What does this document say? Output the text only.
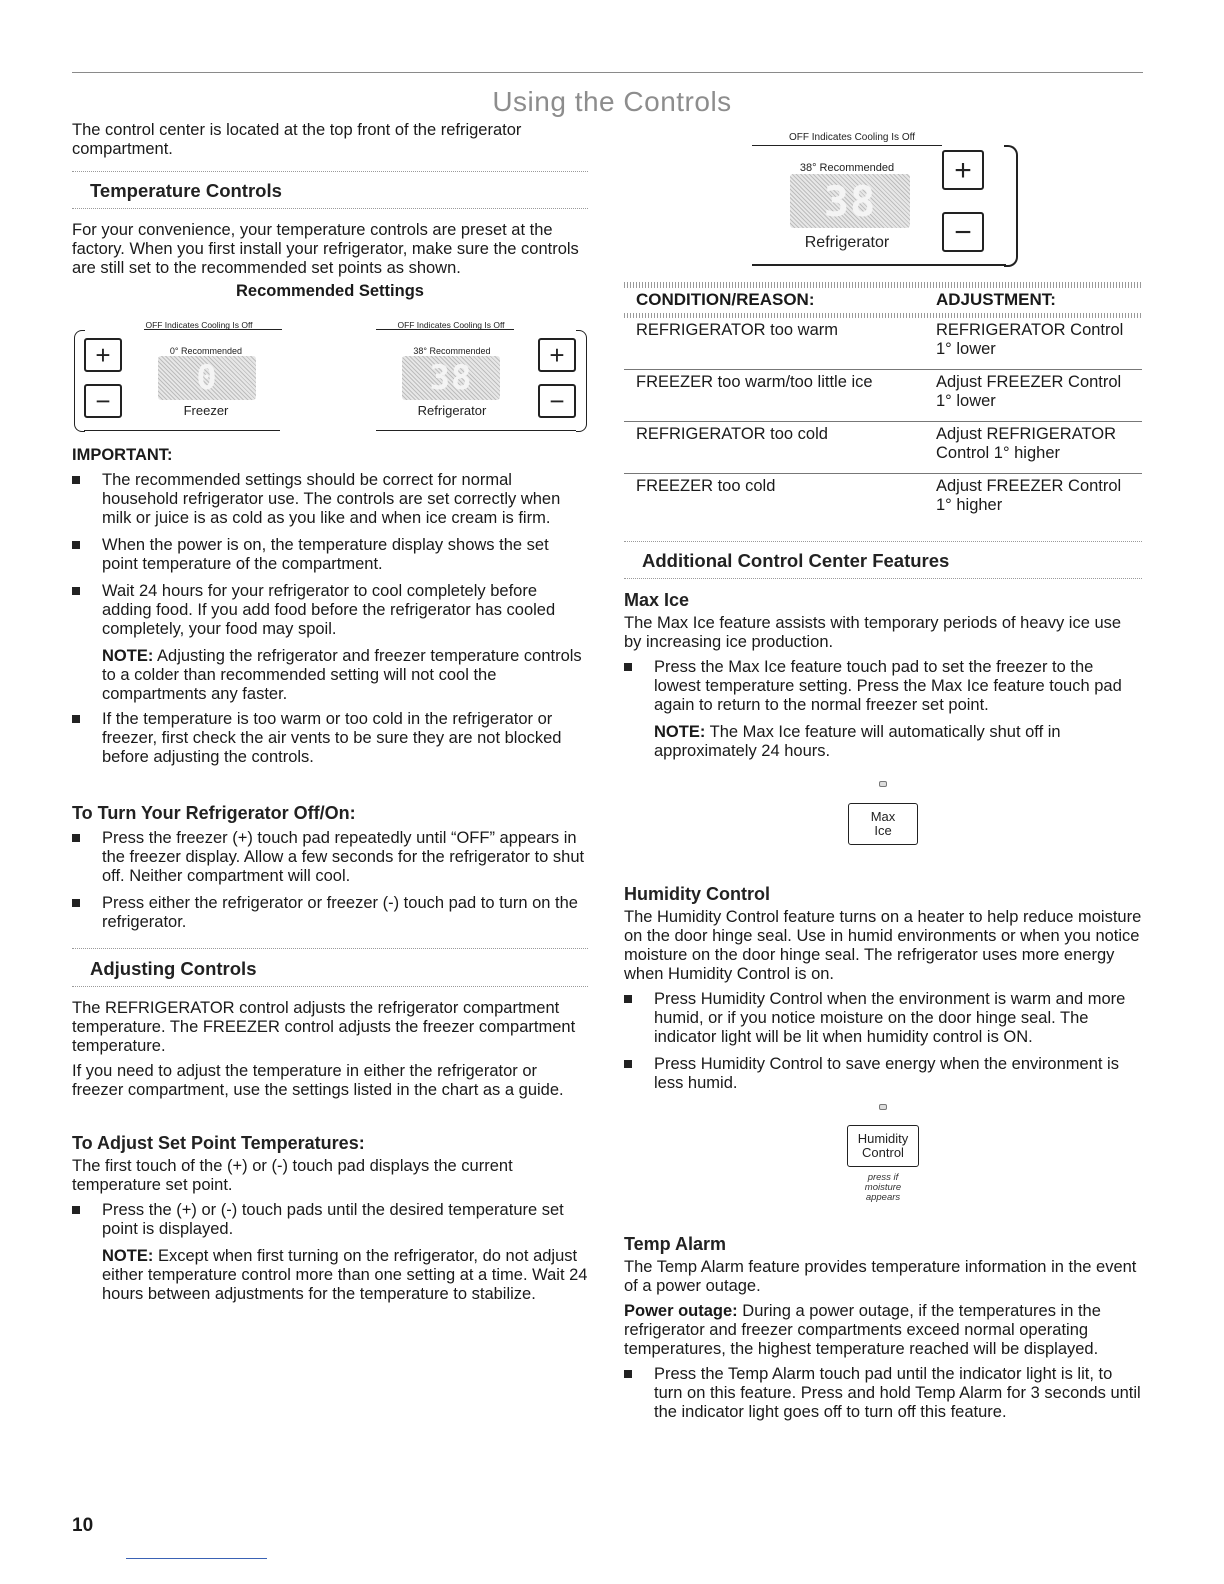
Using the Controls

The control center is located at the top front of the refrigerator compartment.

Temperature Controls

For your convenience, your temperature controls are preset at the factory. When you first install your refrigerator, make sure the controls are still set to the recommended set points as shown.

Recommended Settings
OFF Indicates Cooling Is Off
+
−
0° Recommended
0
Freezer
OFF Indicates Cooling Is Off
+
−
38° Recommended
38
Refrigerator

IMPORTANT:

The recommended settings should be correct for normal household refrigerator use. The controls are set correctly when milk or juice is as cold as you like and when ice cream is firm.
When the power is on, the temperature display shows the set point temperature of the compartment.
Wait 24 hours for your refrigerator to cool completely before adding food. If you add food before the refrigerator has cooled completely, your food may spoil.

NOTE: Adjusting the refrigerator and freezer temperature controls to a colder than recommended setting will not cool the compartments any faster.

If the temperature is too warm or too cold in the refrigerator or freezer, first check the air vents to be sure they are not blocked before adjusting the controls.
To Turn Your Refrigerator Off/On:
Press the freezer (+) touch pad repeatedly until “OFF” appears in the freezer display. Allow a few seconds for the refrigerator to shut off. Neither compartment will cool.
Press either the refrigerator or freezer (-) touch pad to turn on the refrigerator.
Adjusting Controls

The REFRIGERATOR control adjusts the refrigerator compartment temperature. The FREEZER control adjusts the freezer compartment temperature.

If you need to adjust the temperature in either the refrigerator or freezer compartment, use the settings listed in the chart as a guide.

To Adjust Set Point Temperatures:

The first touch of the (+) or (-) touch pad displays the current temperature set point.

Press the (+) or (-) touch pads until the desired temperature set point is displayed.

NOTE: Except when first turning on the refrigerator, do not adjust either temperature control more than one setting at a time. Wait 24 hours between adjustments for the temperature to stabilize.

OFF Indicates Cooling Is Off
+
−
38° Recommended
38
Refrigerator
CONDITION/REASON:	ADJUSTMENT:
REFRIGERATOR too warm	REFRIGERATOR Control 1° lower
FREEZER too warm/too little ice	Adjust FREEZER Control 1° lower
REFRIGERATOR too cold	Adjust REFRIGERATOR Control 1° higher
FREEZER too cold	Adjust FREEZER Control 1° higher
Additional Control Center Features
Max Ice

The Max Ice feature assists with temporary periods of heavy ice use by increasing ice production.

Press the Max Ice feature touch pad to set the freezer to the lowest temperature setting. Press the Max Ice feature touch pad again to return to the normal freezer set point.

NOTE: The Max Ice feature will automatically shut off in approximately 24 hours.

Max
Ice
Humidity Control

The Humidity Control feature turns on a heater to help reduce moisture on the door hinge seal. Use in humid environments or when you notice moisture on the door hinge seal. The refrigerator uses more energy when Humidity Control is on.

Press Humidity Control when the environment is warm and more humid, or if you notice moisture on the door hinge seal. The indicator light will be lit when humidity control is ON.
Press Humidity Control to save energy when the environment is less humid.
Humidity
Control
press if
moisture
appears
Temp Alarm

The Temp Alarm feature provides temperature information in the event of a power outage.

Power outage: During a power outage, if the temperatures in the refrigerator and freezer compartments exceed normal operating temperatures, the highest temperature reached will be displayed.

Press the Temp Alarm touch pad until the indicator light is lit, to turn on this feature. Press and hold Temp Alarm for 3 seconds until the indicator light goes off to turn off this feature.
10
